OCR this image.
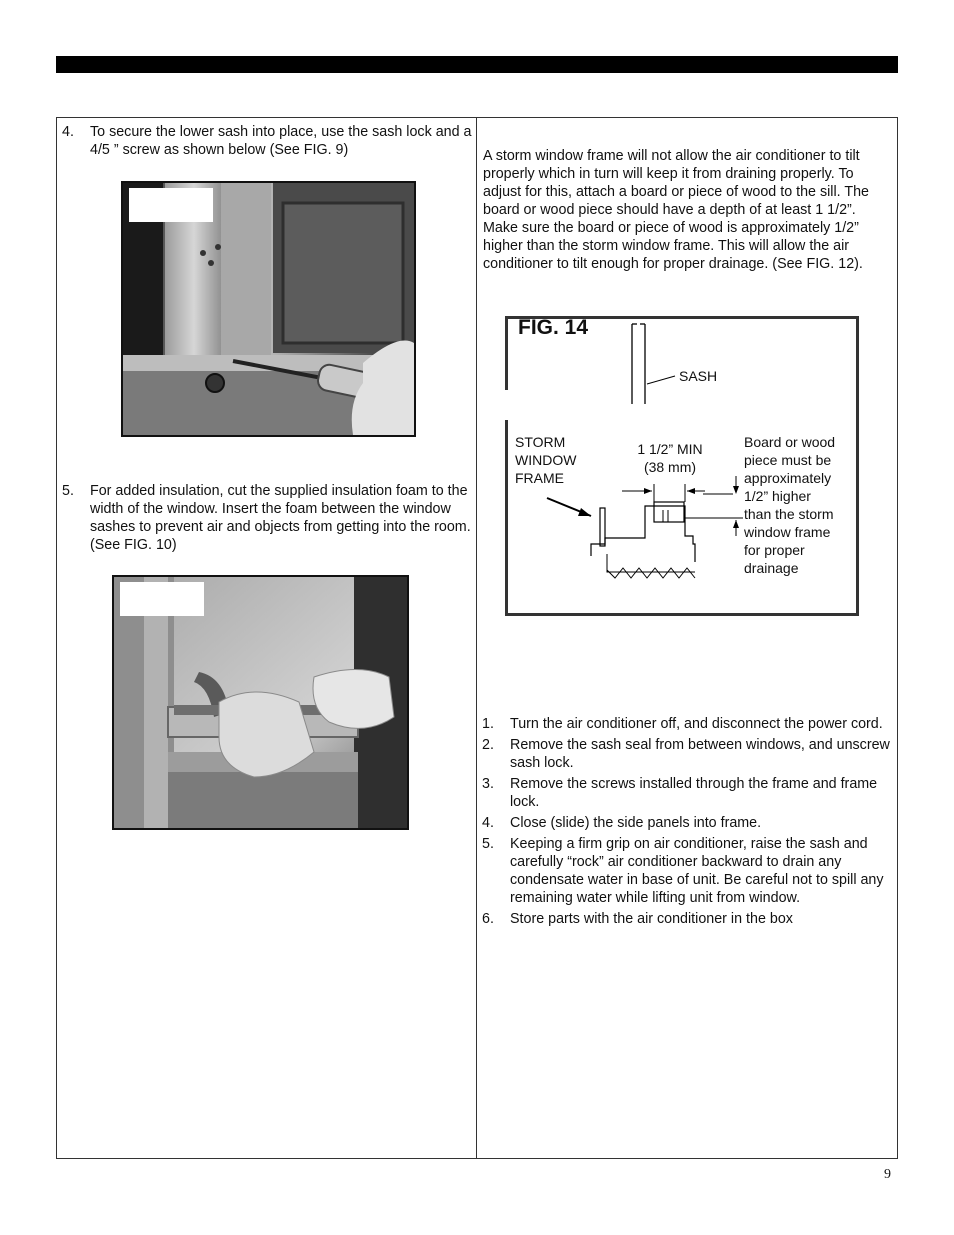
4. To secure the lower sash into place, use the sash lock and a 4/5 ” screw as shown below (See FIG. 9)
5. For added insulation, cut the supplied insulation foam to the width of the window. Insert the foam between the window sashes to prevent air and objects from getting into the room. (See FIG. 10)
A storm window frame will not allow the air conditioner to tilt properly which in turn will keep it from draining properly. To adjust for this, attach a board or piece of wood to the sill. The board or wood piece should have a depth of at least 1 1/2”. Make sure the board or piece of wood is approximately 1/2” higher than the storm window frame. This will allow the air conditioner to tilt enough for proper drainage. (See FIG. 12).
FIG. 14
SASH
STORM
WINDOW
FRAME
1 1/2” MIN
(38 mm)
Board or wood
piece must be
approximately
1/2” higher
than the storm
window frame
for proper
drainage
1. Turn the air conditioner off, and disconnect the power cord.
2. Remove the sash seal from between windows, and unscrew sash lock.
3. Remove the screws installed through the frame and frame lock.
4. Close (slide) the side panels into frame.
5. Keeping a firm grip on air conditioner, raise the sash and carefully “rock” air conditioner backward to drain any condensate water in base of unit. Be careful not to spill any remaining water while lifting unit from window.
6. Store parts with the air conditioner in the box
9
